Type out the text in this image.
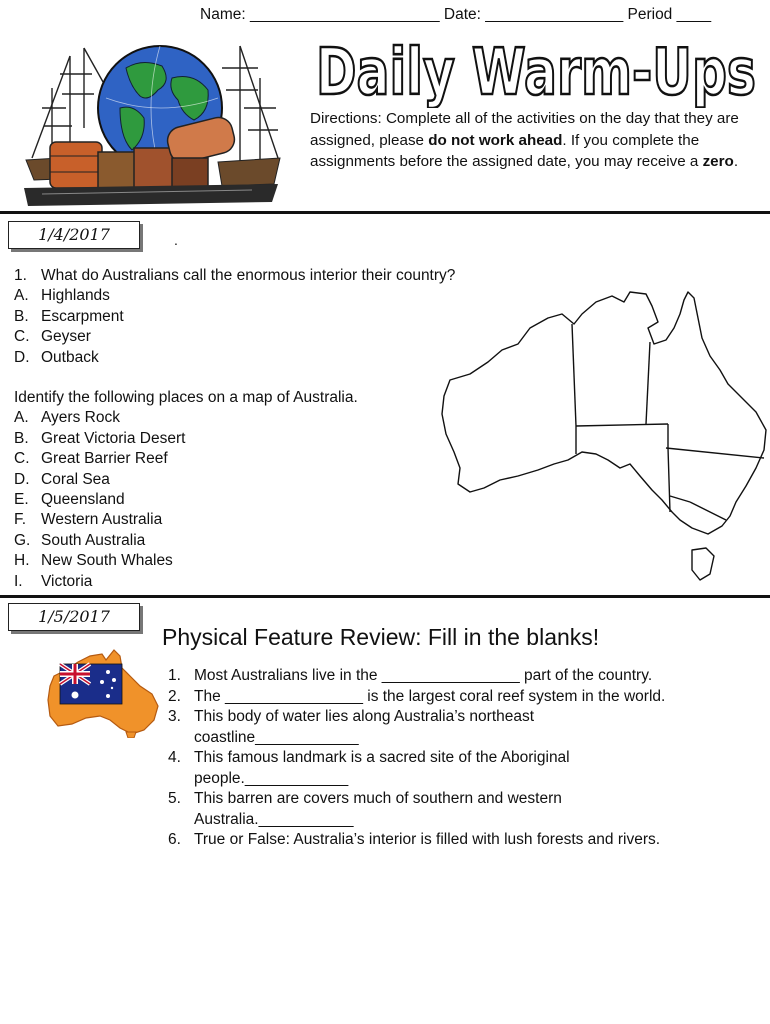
Name: ______________________ Date: ________________ Period ____
Daily Warm-Ups
Directions: Complete all of the activities on the day that they are assigned, please do not work ahead. If you complete the assignments before the assigned date, you may receive a zero.
1/4/2017	.
1. What do Australians call the enormous interior their country?
A. Highlands
B. Escarpment
C. Geyser
D. Outback
Identify the following places on a map of Australia.
A. Ayers Rock
B. Great Victoria Desert
C. Great Barrier Reef
D. Coral Sea
E. Queensland
F. Western Australia
G. South Australia
H. New South Whales
I.	Victoria
1/5/2017
Physical Feature Review: Fill in the blanks!
1. Most Australians live in the ________________ part of the country.
2. The ________________ is the largest coral reef system in the world.
3. This body of water lies along Australia’s northeast coastline____________
4. This famous landmark is a sacred site of the Aboriginal people.____________
5. This barren are covers much of southern and western Australia.___________
6. True or False: Australia’s interior is filled with lush forests and rivers.
